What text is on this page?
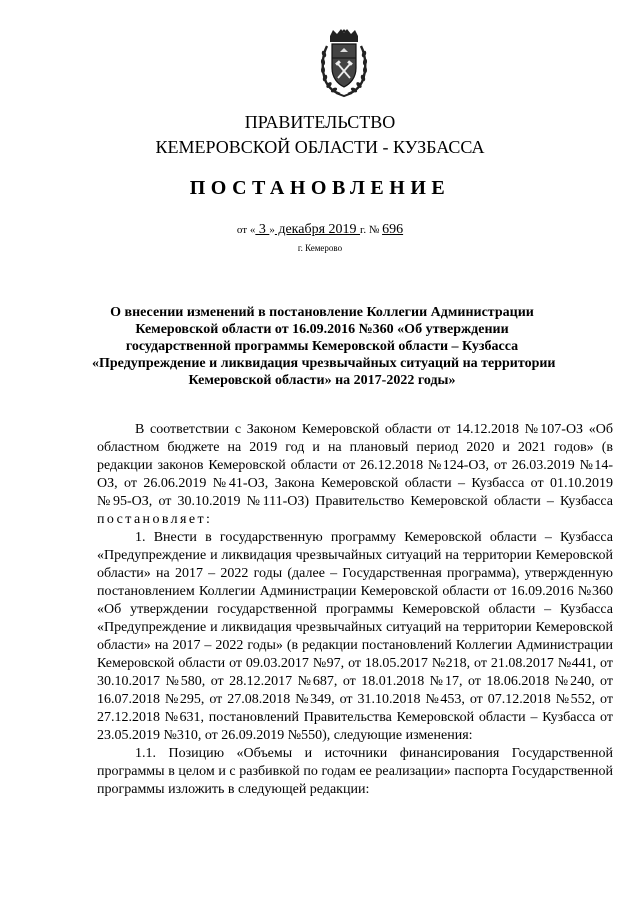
ПРАВИТЕЛЬСТВО
КЕМЕРОВСКОЙ ОБЛАСТИ - КУЗБАССА
ПОСТАНОВЛЕНИЕ
от « 3 » декабря 2019 г. № 696
г. Кемерово
О внесении изменений в постановление Коллегии Администрации
Кемеровской области от 16.09.2016 №360 «Об утверждении
государственной программы Кемеровской области – Кузбасса
«Предупреждение и ликвидация чрезвычайных ситуаций на территории
Кемеровской области» на 2017-2022 годы»

В соответствии с Законом Кемеровской области от 14.12.2018 №107-ОЗ «Об областном бюджете на 2019 год и на плановый период 2020 и 2021 годов» (в редакции законов Кемеровской области от 26.12.2018 №124-ОЗ, от 26.03.2019 №14-ОЗ, от 26.06.2019 №41-ОЗ, Закона Кемеровской области – Кузбасса от 01.10.2019 №95-ОЗ, от 30.10.2019 №111-ОЗ) Правительство Кемеровской области – Кузбасса постановляет:

1. Внести в государственную программу Кемеровской области – Кузбасса «Предупреждение и ликвидация чрезвычайных ситуаций на территории Кемеровской области» на 2017 – 2022 годы (далее – Государственная программа), утвержденную постановлением Коллегии Администрации Кемеровской области от 16.09.2016 №360 «Об утверждении государственной программы Кемеровской области – Кузбасса «Предупреждение и ликвидация чрезвычайных ситуаций на территории Кемеровской области» на 2017 – 2022 годы» (в редакции постановлений Коллегии Администрации Кемеровской области от 09.03.2017 №97, от 18.05.2017 №218, от 21.08.2017 №441, от 30.10.2017 №580, от 28.12.2017 №687, от 18.01.2018 №17, от 18.06.2018 №240, от 16.07.2018 №295, от 27.08.2018 №349, от 31.10.2018 №453, от 07.12.2018 №552, от 27.12.2018 №631, постановлений Правительства Кемеровской области – Кузбасса от 23.05.2019 №310, от 26.09.2019 №550), следующие изменения:

1.1. Позицию «Объемы и источники финансирования Государственной программы в целом и с разбивкой по годам ее реализации» паспорта Государственной программы изложить в следующей редакции:
